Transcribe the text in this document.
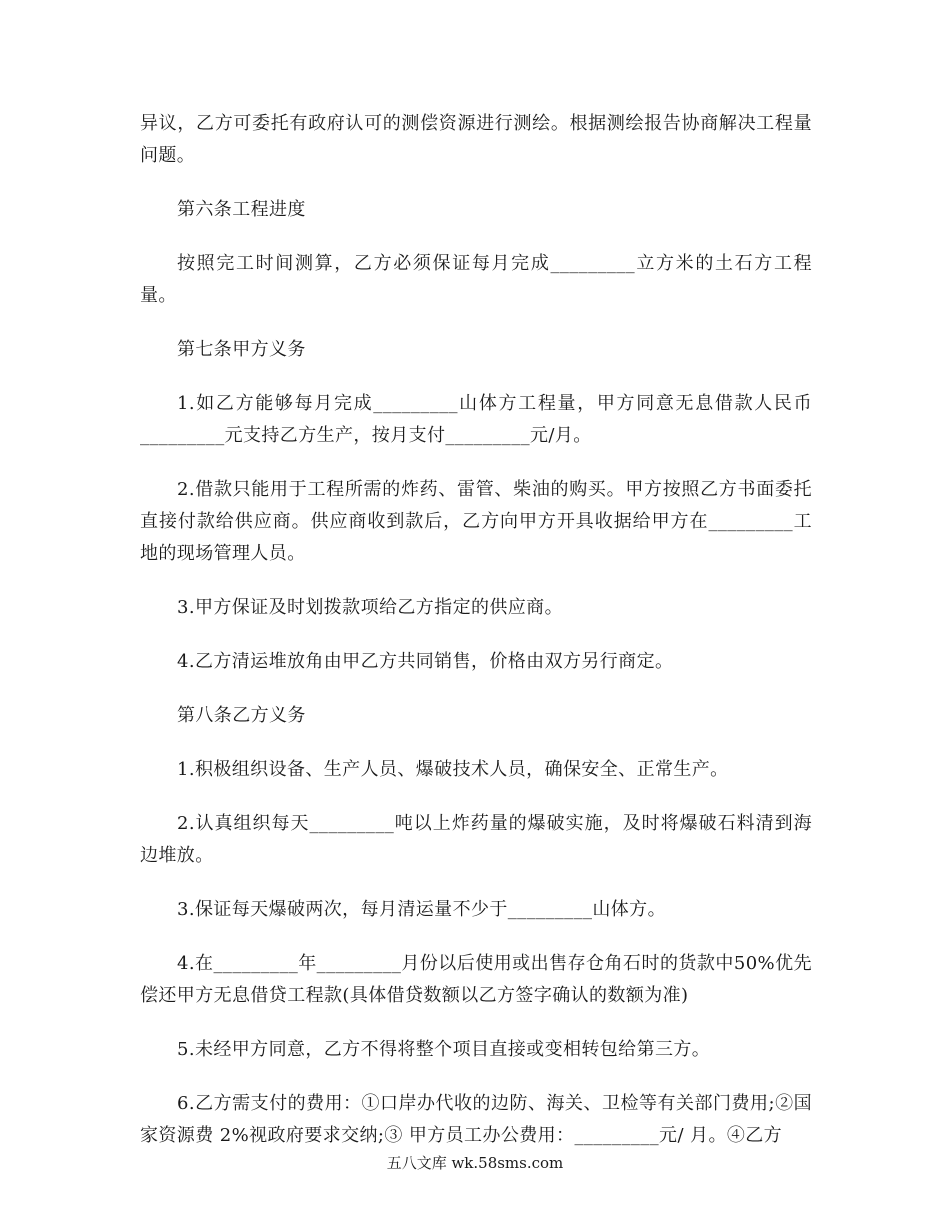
异议，乙方可委托有政府认可的测偿资源进行测绘。根据测绘报告协商解决工程量问题。

第六条工程进度

按照完工时间测算，乙方必须保证每月完成_________立方米的土石方工程量。

第七条甲方义务

1.如乙方能够每月完成_________山体方工程量，甲方同意无息借款人民币_________元支持乙方生产，按月支付_________元/月。

2.借款只能用于工程所需的炸药、雷管、柴油的购买。甲方按照乙方书面委托直接付款给供应商。供应商收到款后，乙方向甲方开具收据给甲方在_________工地的现场管理人员。

3.甲方保证及时划拨款项给乙方指定的供应商。

4.乙方清运堆放角由甲乙方共同销售，价格由双方另行商定。

第八条乙方义务

1.积极组织设备、生产人员、爆破技术人员，确保安全、正常生产。

2.认真组织每天_________吨以上炸药量的爆破实施，及时将爆破石料清到海边堆放。

3.保证每天爆破两次，每月清运量不少于_________山体方。

4.在_________年_________月份以后使用或出售存仓角石时的货款中50%优先偿还甲方无息借贷工程款(具体借贷数额以乙方签字确认的数额为准)

5.未经甲方同意，乙方不得将整个项目直接或变相转包给第三方。

6.乙方需支付的费用：①口岸办代收的边防、海关、卫检等有关部门费用;②国家资源费 2%视政府要求交纳;③ 甲方员工办公费用：_________元/ 月。④乙方

五八文库 wk.58sms.com
